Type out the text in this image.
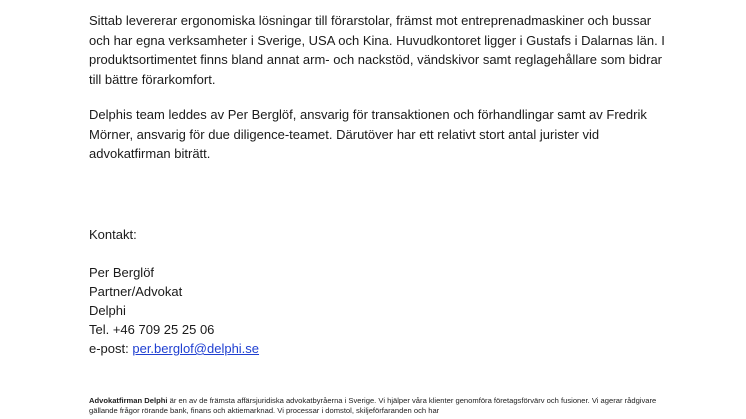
Sittab levererar ergonomiska lösningar till förarstolar, främst mot entreprenadmaskiner och bussar och har egna verksamheter i Sverige, USA och Kina. Huvudkontoret ligger i Gustafs i Dalarnas län. I produktsortimentet finns bland annat arm- och nackstöd, vändskivor samt reglagehållare som bidrar till bättre förarkomfort.

Delphis team leddes av Per Berglöf, ansvarig för transaktionen och förhandlingar samt av Fredrik Mörner, ansvarig för due diligence-teamet. Därutöver har ett relativt stort antal jurister vid advokatfirman biträtt.

Kontakt:
Per Berglöf
Partner/Advokat
Delphi
Tel. +46 709 25 25 06
e-post: per.berglof@delphi.se
Advokatfirman Delphi är en av de främsta affärsjuridiska advokatbyråerna i Sverige. Vi hjälper våra klienter genomföra företagsförvärv och fusioner. Vi agerar rådgivare gällande frågor rörande bank, finans och aktiemarknad. Vi processar i domstol, skiljeförfaranden och har
